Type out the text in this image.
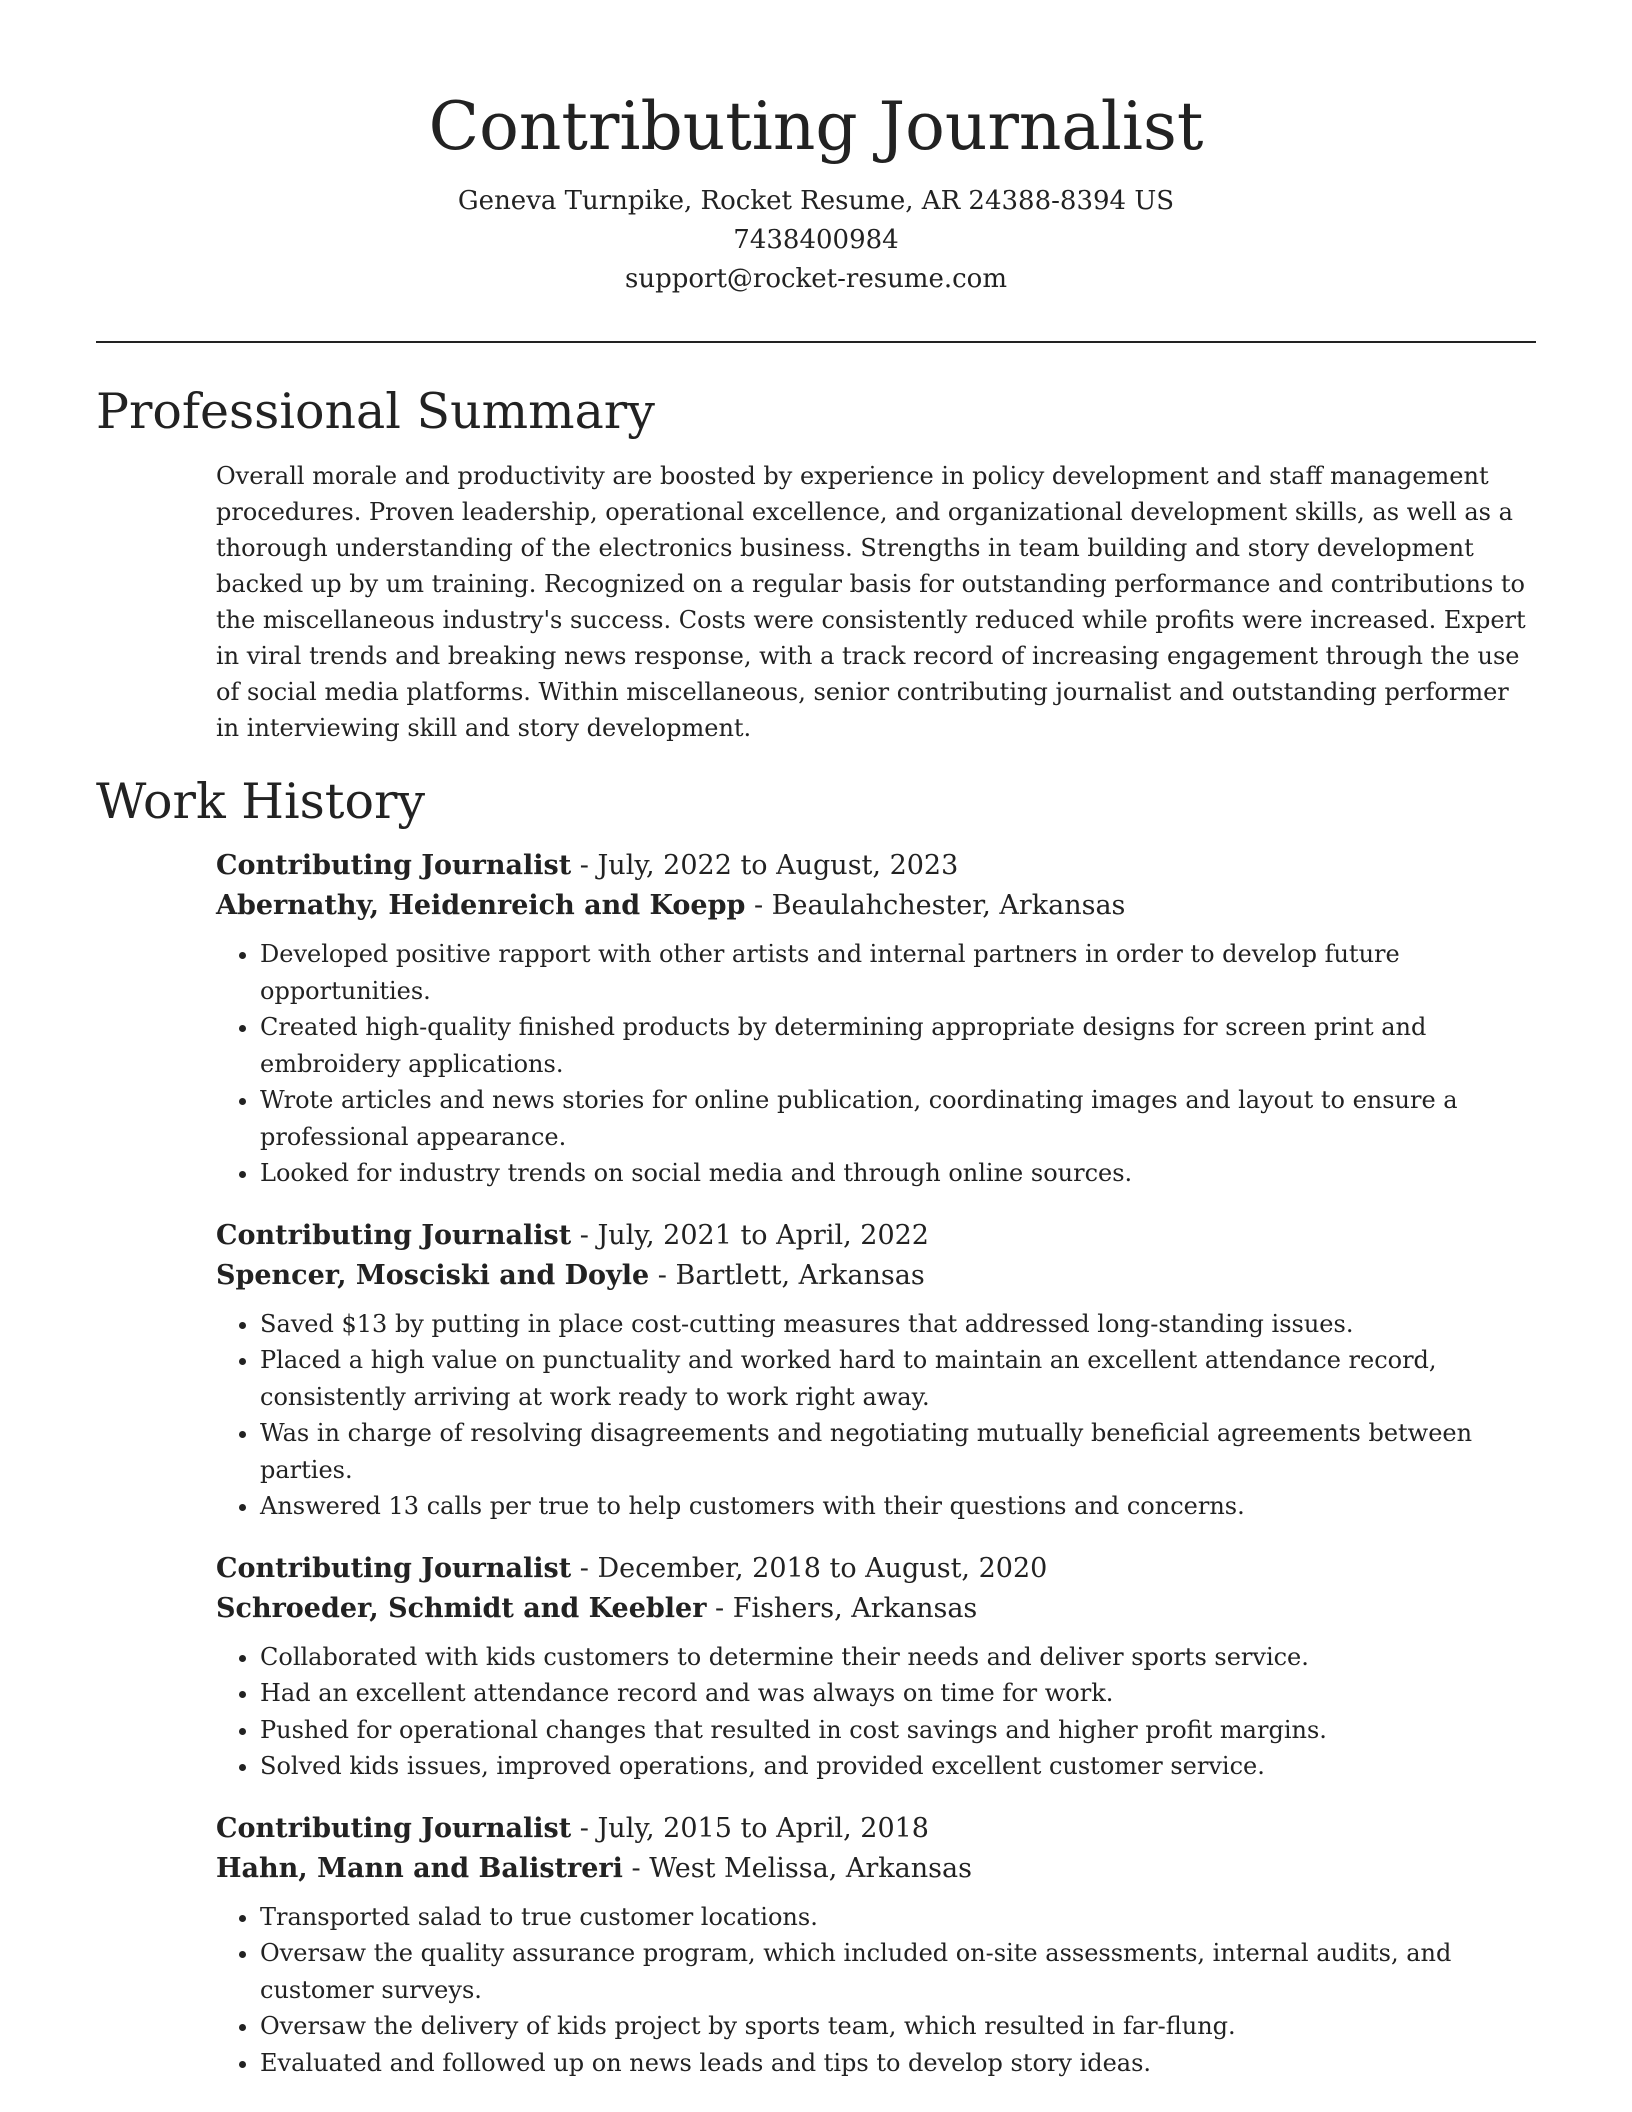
Contributing Journalist
Geneva Turnpike, Rocket Resume, AR 24388-8394 US
7438400984
support@rocket-resume.com
Professional Summary

Overall morale and productivity are boosted by experience in policy development and staff management procedures. Proven leadership, operational excellence, and organizational development skills, as well as a thorough understanding of the electronics business. Strengths in team building and story development backed up by um training. Recognized on a regular basis for outstanding performance and contributions to the miscellaneous industry's success. Costs were consistently reduced while profits were increased. Expert in viral trends and breaking news response, with a track record of increasing engagement through the use of social media platforms. Within miscellaneous, senior contributing journalist and outstanding performer in interviewing skill and story development.

Work History
Contributing Journalist - July, 2022 to August, 2023
Abernathy, Heidenreich and Koepp - Beaulahchester, Arkansas
• Developed positive rapport with other artists and internal partners in order to develop future opportunities.
• Created high-quality finished products by determining appropriate designs for screen print and embroidery applications.
• Wrote articles and news stories for online publication, coordinating images and layout to ensure a professional appearance.
• Looked for industry trends on social media and through online sources.
Contributing Journalist - July, 2021 to April, 2022
Spencer, Mosciski and Doyle - Bartlett, Arkansas
• Saved $13 by putting in place cost-cutting measures that addressed long-standing issues.
• Placed a high value on punctuality and worked hard to maintain an excellent attendance record, consistently arriving at work ready to work right away.
• Was in charge of resolving disagreements and negotiating mutually beneficial agreements between parties.
• Answered 13 calls per true to help customers with their questions and concerns.
Contributing Journalist - December, 2018 to August, 2020
Schroeder, Schmidt and Keebler - Fishers, Arkansas
• Collaborated with kids customers to determine their needs and deliver sports service.
• Had an excellent attendance record and was always on time for work.
• Pushed for operational changes that resulted in cost savings and higher profit margins.
• Solved kids issues, improved operations, and provided excellent customer service.
Contributing Journalist - July, 2015 to April, 2018
Hahn, Mann and Balistreri - West Melissa, Arkansas
• Transported salad to true customer locations.
• Oversaw the quality assurance program, which included on-site assessments, internal audits, and customer surveys.
• Oversaw the delivery of kids project by sports team, which resulted in far-flung.
• Evaluated and followed up on news leads and tips to develop story ideas.
